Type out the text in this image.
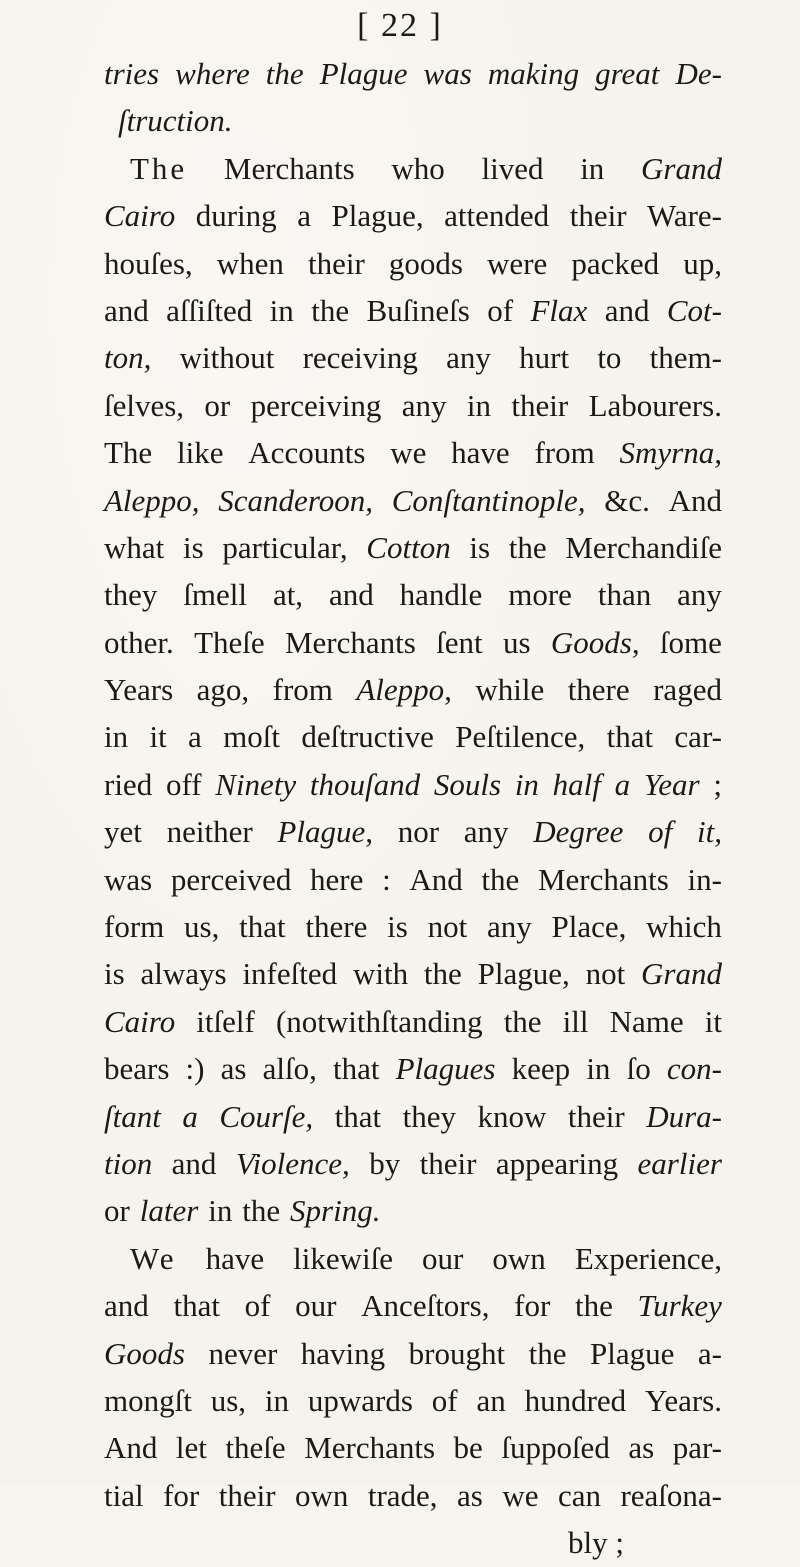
[ 22 ]
tries where the Plague was making great De-
ſtruction.
The Merchants who lived in Grand
Cairo during a Plague, attended their Ware-
houſes, when their goods were packed up,
and aſſiſted in the Buſineſs of Flax and Cot-
ton, without receiving any hurt to them-
ſelves, or perceiving any in their Labourers.
The like Accounts we have from Smyrna,
Aleppo, Scanderoon, Conſtantinople, &c. And
what is particular, Cotton is the Merchandiſe
they ſmell at, and handle more than any
other. Theſe Merchants ſent us Goods, ſome
Years ago, from Aleppo, while there raged
in it a moſt deſtructive Peſtilence, that car-
ried off Ninety thouſand Souls in half a Year ;
yet neither Plague, nor any Degree of it,
was perceived here : And the Merchants in-
form us, that there is not any Place, which
is always infeſted with the Plague, not Grand
Cairo itſelf (notwithſtanding the ill Name it
bears :) as alſo, that Plagues keep in ſo con-
ſtant a Courſe, that they know their Dura-
tion and Violence, by their appearing earlier
or later in the Spring.
We have likewiſe our own Experience,
and that of our Anceſtors, for the Turkey
Goods never having brought the Plague a-
mongſt us, in upwards of an hundred Years.
And let theſe Merchants be ſuppoſed as par-
tial for their own trade, as we can reaſona-
bly ;
